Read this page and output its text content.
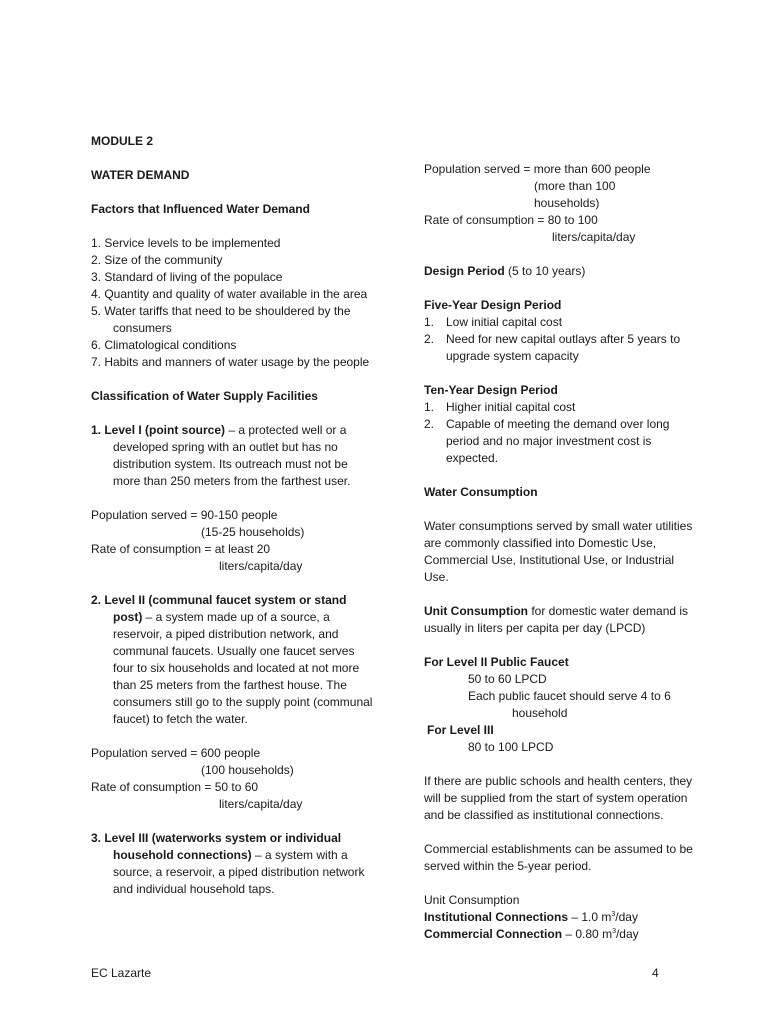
MODULE 2

WATER DEMAND

Factors that Influenced Water Demand

1. Service levels to be implemented

2. Size of the community

3. Standard of living of the populace

4. Quantity and quality of water available in the area

5. Water tariffs that need to be shouldered by the consumers

6. Climatological conditions

7. Habits and manners of water usage by the people

Classification of Water Supply Facilities

1. Level I (point source) – a protected well or a developed spring with an outlet but has no distribution system. Its outreach must not be more than 250 meters from the farthest user.

Population served = 90-150 people

(15-25 households)

Rate of consumption = at least 20

liters/capita/day

2. Level II (communal faucet system or stand post) – a system made up of a source, a reservoir, a piped distribution network, and communal faucets. Usually one faucet serves four to six households and located at not more than 25 meters from the farthest house. The consumers still go to the supply point (communal faucet) to fetch the water.

Population served = 600 people

(100 households)

Rate of consumption = 50 to 60

liters/capita/day

3. Level III (waterworks system or individual household connections) – a system with a source, a reservoir, a piped distribution network and individual household taps.

Population served = more than 600 people

(more than 100

households)

Rate of consumption = 80 to 100

liters/capita/day

Design Period (5 to 10 years)

Five-Year Design Period

1. Low initial capital cost
2. Need for new capital outlays after 5 years to upgrade system capacity

Ten-Year Design Period

1. Higher initial capital cost
2. Capable of meeting the demand over long period and no major investment cost is expected.

Water Consumption

Water consumptions served by small water utilities are commonly classified into Domestic Use, Commercial Use, Institutional Use, or Industrial Use.

Unit Consumption for domestic water demand is usually in liters per capita per day (LPCD)

For Level II Public Faucet

50 to 60 LPCD

Each public faucet should serve 4 to 6

household

For Level III

80 to 100 LPCD

If there are public schools and health centers, they will be supplied from the start of system operation and be classified as institutional connections.

Commercial establishments can be assumed to be served within the 5-year period.

Unit Consumption

Institutional Connections – 1.0 $m^3$/day

Commercial Connection – 0.80 $m^3$/day

EC Lazarte	4
